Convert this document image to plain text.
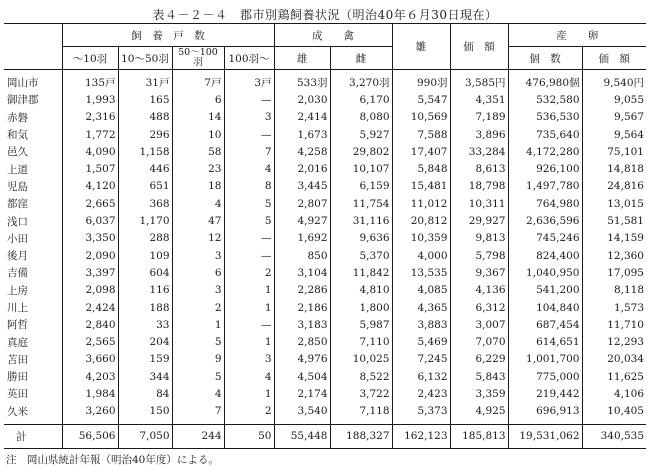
表４－２－４　郡市別鶏飼養状況（明治40年６月30日現在）
	飼　養　戸　数				成　　禽		雛	価　額	産　　卵	
	～10羽	10～50羽	50～100羽	100羽～	雄	雌			個　数	価　額
岡山市	135戸	31戸	7戸	3戸	533羽	3,270羽	990羽	3,585円	476,980個	9,540円
御津郡	1,993	165	6	—	2,030	6,170	5,547	4,351	532,580	9,055
赤磐	2,316	488	14	3	2,414	8,080	10,569	7,189	536,530	9,567
和気	1,772	296	10	—	1,673	5,927	7,588	3,896	735,640	9,564
邑久	4,090	1,158	58	7	4,258	29,802	17,407	33,284	4,172,280	75,101
上道	1,507	446	23	4	2,016	10,107	5,848	8,613	926,100	14,818
児島	4,120	651	18	8	3,445	6,159	15,481	18,798	1,497,780	24,816
都窪	2,665	368	4	5	2,807	11,754	11,012	10,311	764,980	13,015
浅口	6,037	1,170	47	5	4,927	31,116	20,812	29,927	2,636,596	51,581
小田	3,350	288	12	—	1,692	9,636	10,359	9,813	745,246	14,159
後月	2,090	109	3	—	850	5,370	4,000	5,798	824,400	12,360
吉備	3,397	604	6	2	3,104	11,842	13,535	9,367	1,040,950	17,095
上房	2,098	116	3	1	2,286	4,810	4,085	4,136	541,200	8,118
川上	2,424	188	2	1	2,186	1,800	4,365	6,312	104,840	1,573
阿哲	2,840	33	1	—	3,183	5,987	3,883	3,007	687,454	11,710
真庭	2,565	204	5	1	2,850	7,110	5,469	7,070	614,651	12,293
苫田	3,660	159	9	3	4,976	10,025	7,245	6,229	1,001,700	20,034
勝田	4,203	344	5	4	4,504	8,522	6,132	5,843	775,000	11,625
英田	1,984	84	4	1	2,174	3,722	2,423	3,359	219,442	4,106
久米	3,260	150	7	2	3,540	7,118	5,373	4,925	696,913	10,405
計	56,506	7,050	244	50	55,448	188,327	162,123	185,813	19,531,062	340,535
注　岡山県統計年報（明治40年度）による。
